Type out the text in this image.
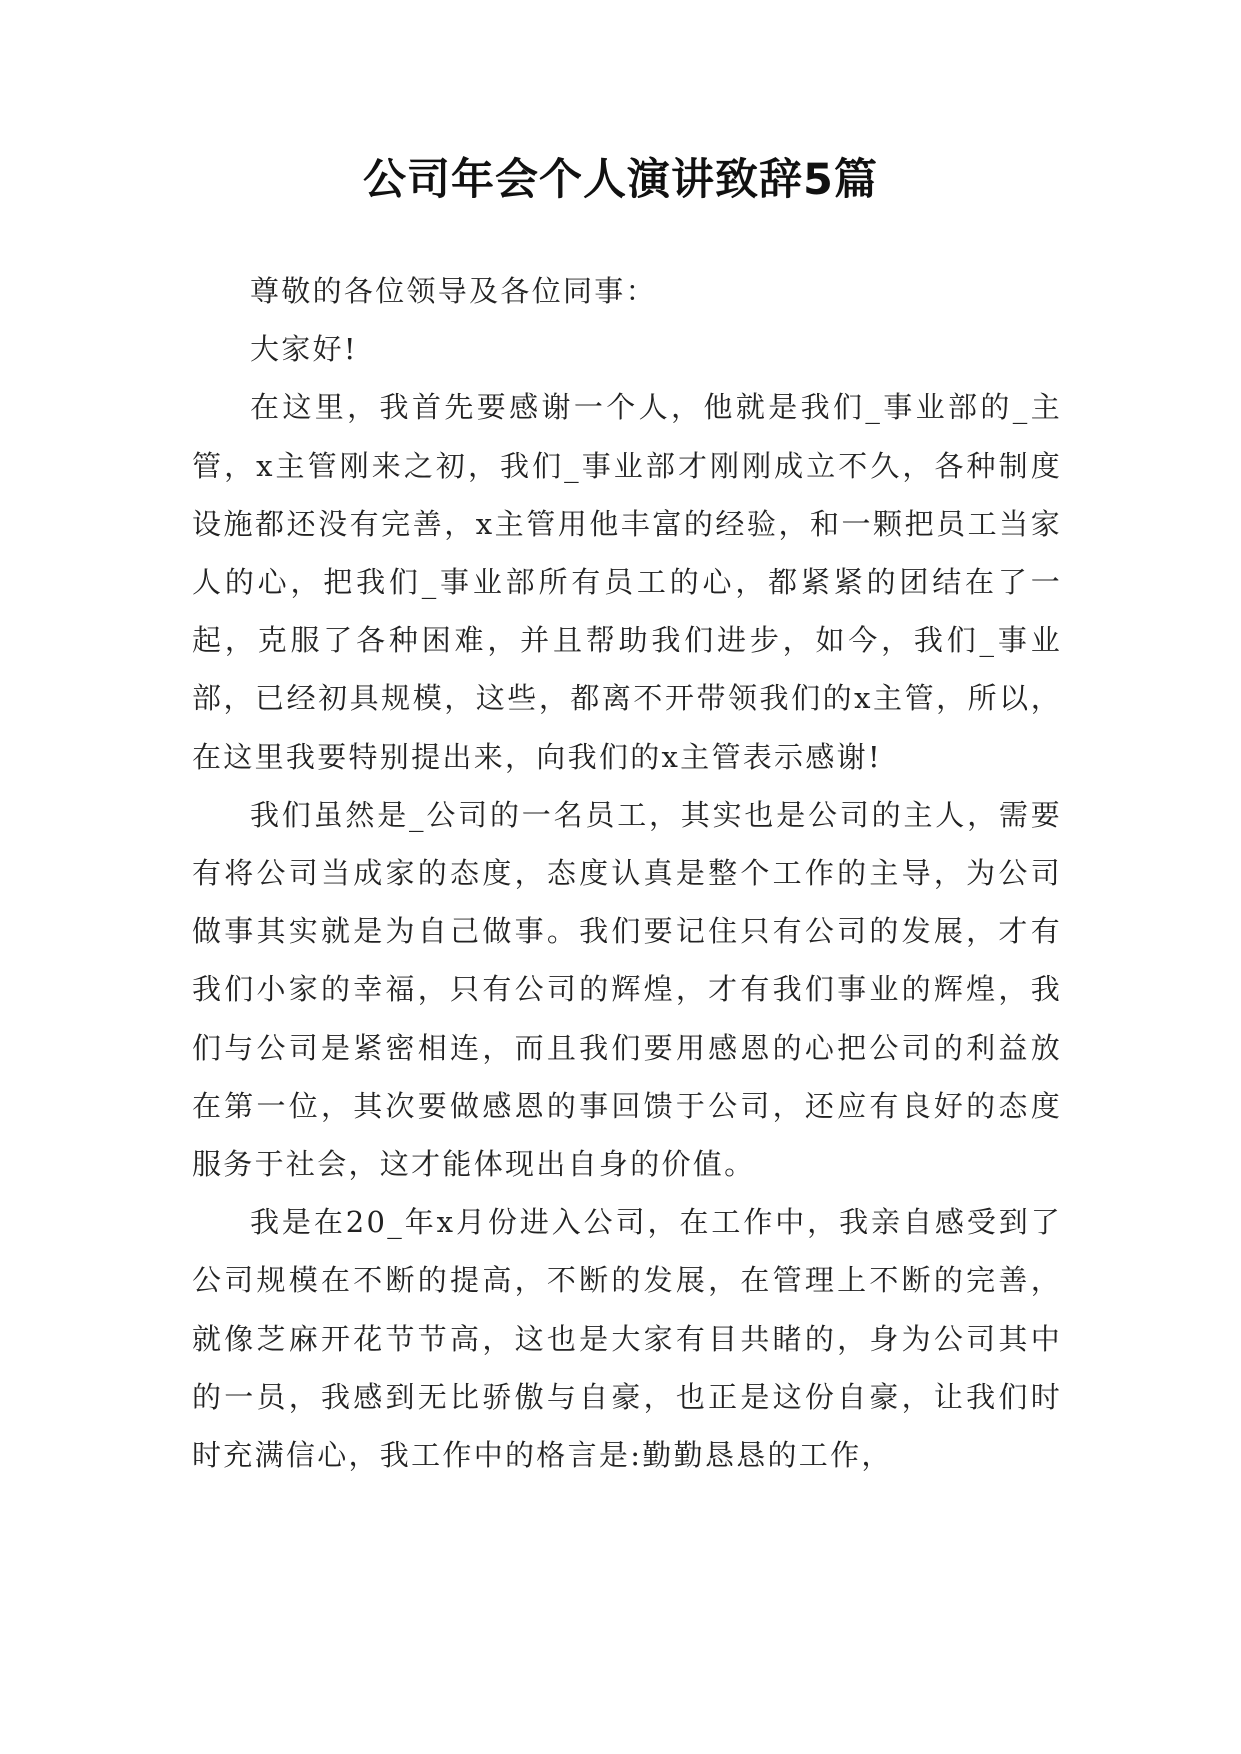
公司年会个人演讲致辞5篇

尊敬的各位领导及各位同事：

大家好!

在这里，我首先要感谢一个人，他就是我们_事业部的_主管，x主管刚来之初，我们_事业部才刚刚成立不久，各种制度设施都还没有完善，x主管用他丰富的经验，和一颗把员工当家人的心，把我们_事业部所有员工的心，都紧紧的团结在了一起，克服了各种困难，并且帮助我们进步，如今，我们_事业部，已经初具规模，这些，都离不开带领我们的x主管，所以，在这里我要特别提出来，向我们的x主管表示感谢!

我们虽然是_公司的一名员工，其实也是公司的主人，需要有将公司当成家的态度，态度认真是整个工作的主导，为公司做事其实就是为自己做事。我们要记住只有公司的发展，才有我们小家的幸福，只有公司的辉煌，才有我们事业的辉煌，我们与公司是紧密相连，而且我们要用感恩的心把公司的利益放在第一位，其次要做感恩的事回馈于公司，还应有良好的态度服务于社会，这才能体现出自身的价值。

我是在20_年x月份进入公司，在工作中，我亲自感受到了公司规模在不断的提高，不断的发展，在管理上不断的完善，就像芝麻开花节节高，这也是大家有目共睹的，身为公司其中的一员，我感到无比骄傲与自豪，也正是这份自豪，让我们时时充满信心，我工作中的格言是:勤勤恳恳的工作，
